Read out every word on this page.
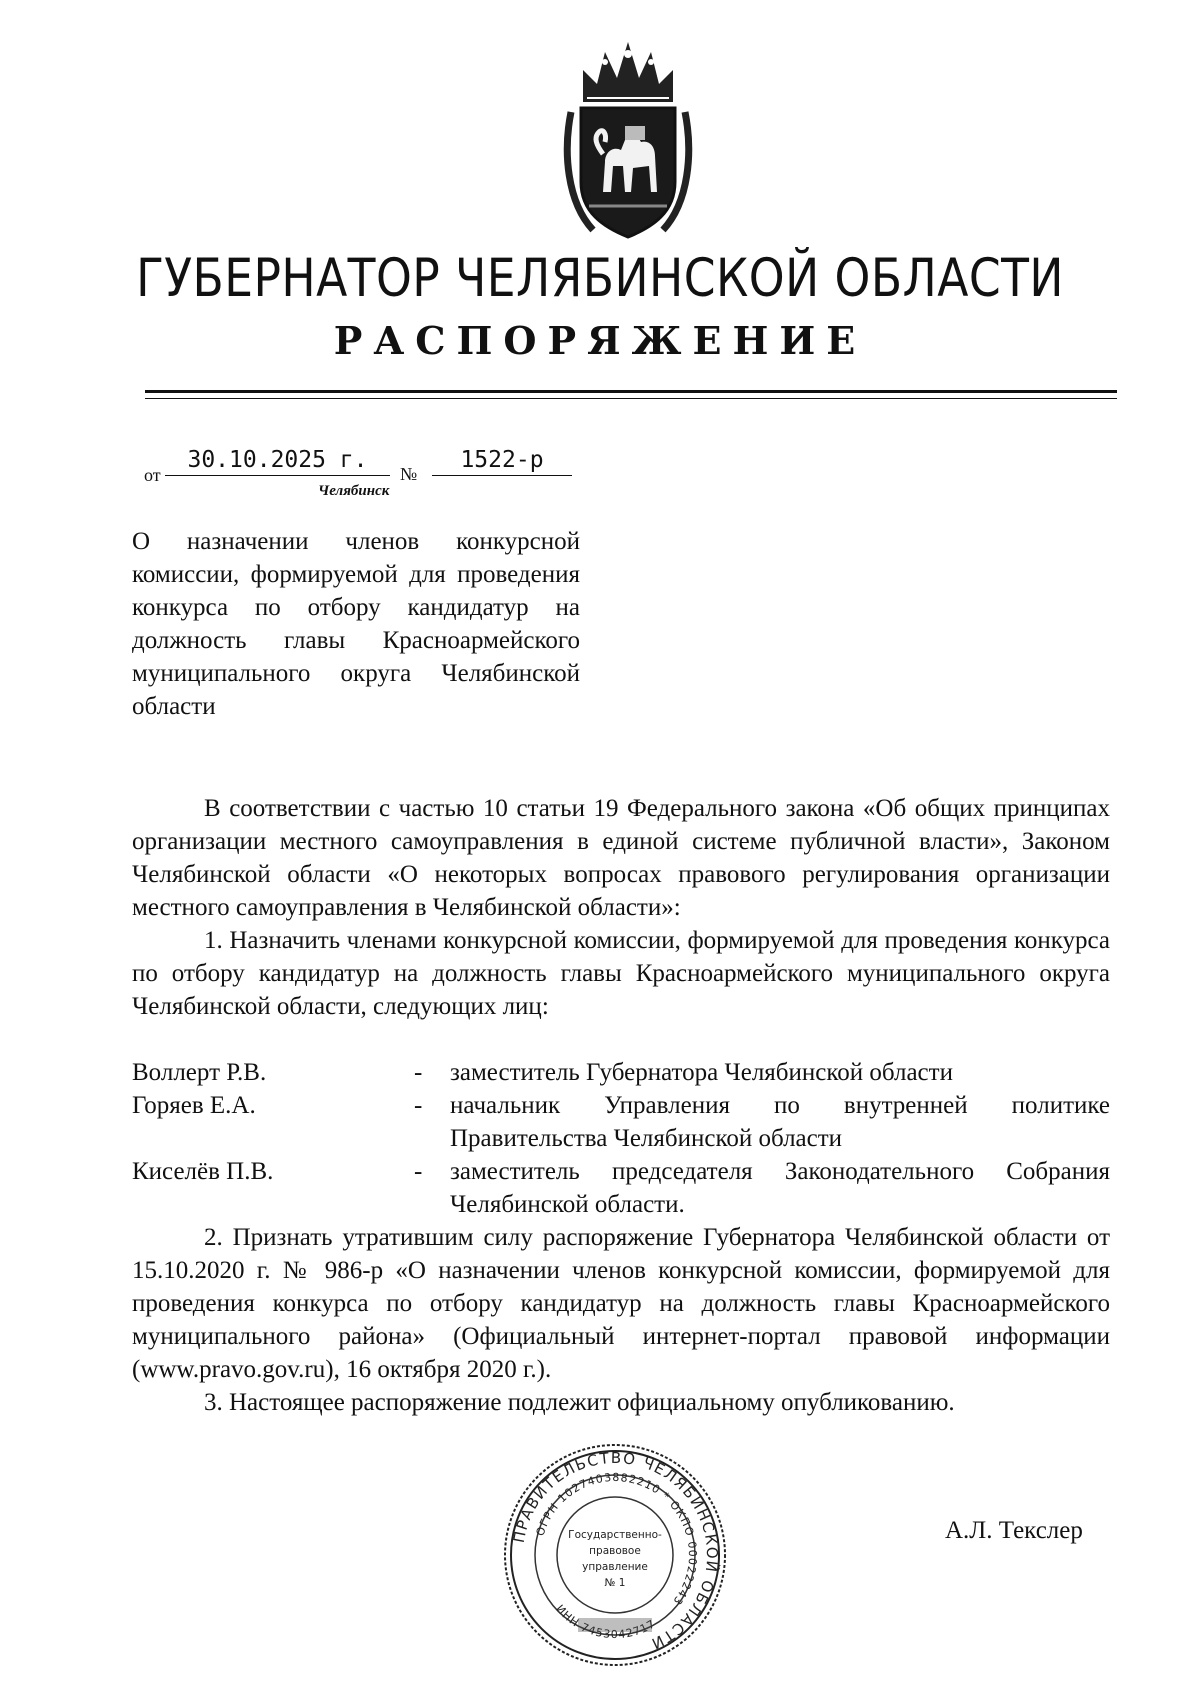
ГУБЕРНАТОР ЧЕЛЯБИНСКОЙ ОБЛАСТИ
РАСПОРЯЖЕНИЕ
от
30.10.2025 г.
№
1522-р
Челябинск
О назначении членов конкурсной комиссии, формируемой для проведения конкурса по отбору кандидатур на должность главы Красноармейского муниципального округа Челябинской области
В соответствии с частью 10 статьи 19 Федерального закона «Об общих принципах организации местного самоуправления в единой системе публичной власти», Законом Челябинской области «О некоторых вопросах правового регулирования организации местного самоуправления в Челябинской области»:
1. Назначить членами конкурсной комиссии, формируемой для проведения конкурса по отбору кандидатур на должность главы Красноармейского муниципального округа Челябинской области, следующих лиц:
Воллерт Р.В.	- заместитель Губернатора Челябинской области
Горяев Е.А.	- начальник Управления по внутренней политике Правительства Челябинской области
Киселёв П.В.	- заместитель председателя Законодательного Собрания Челябинской области.
2. Признать утратившим силу распоряжение Губернатора Челябинской области от 15.10.2020 г. № 986-р «О назначении членов конкурсной комиссии, формируемой для проведения конкурса по отбору кандидатур на должность главы Красноармейского муниципального района» (Официальный интернет-портал правовой информации (www.pravo.gov.ru), 16 октября 2020 г.).
3. Настоящее распоряжение подлежит официальному опубликованию.
ПРАВИТЕЛЬСТВО ЧЕЛЯБИНСКОЙ ОБЛАСТИ
ОГРН 1027403882210 * ОКПО 00022243
ИНН 7453042717
Государственно-
правовое
управление
№ 1
А.Л. Текслер
